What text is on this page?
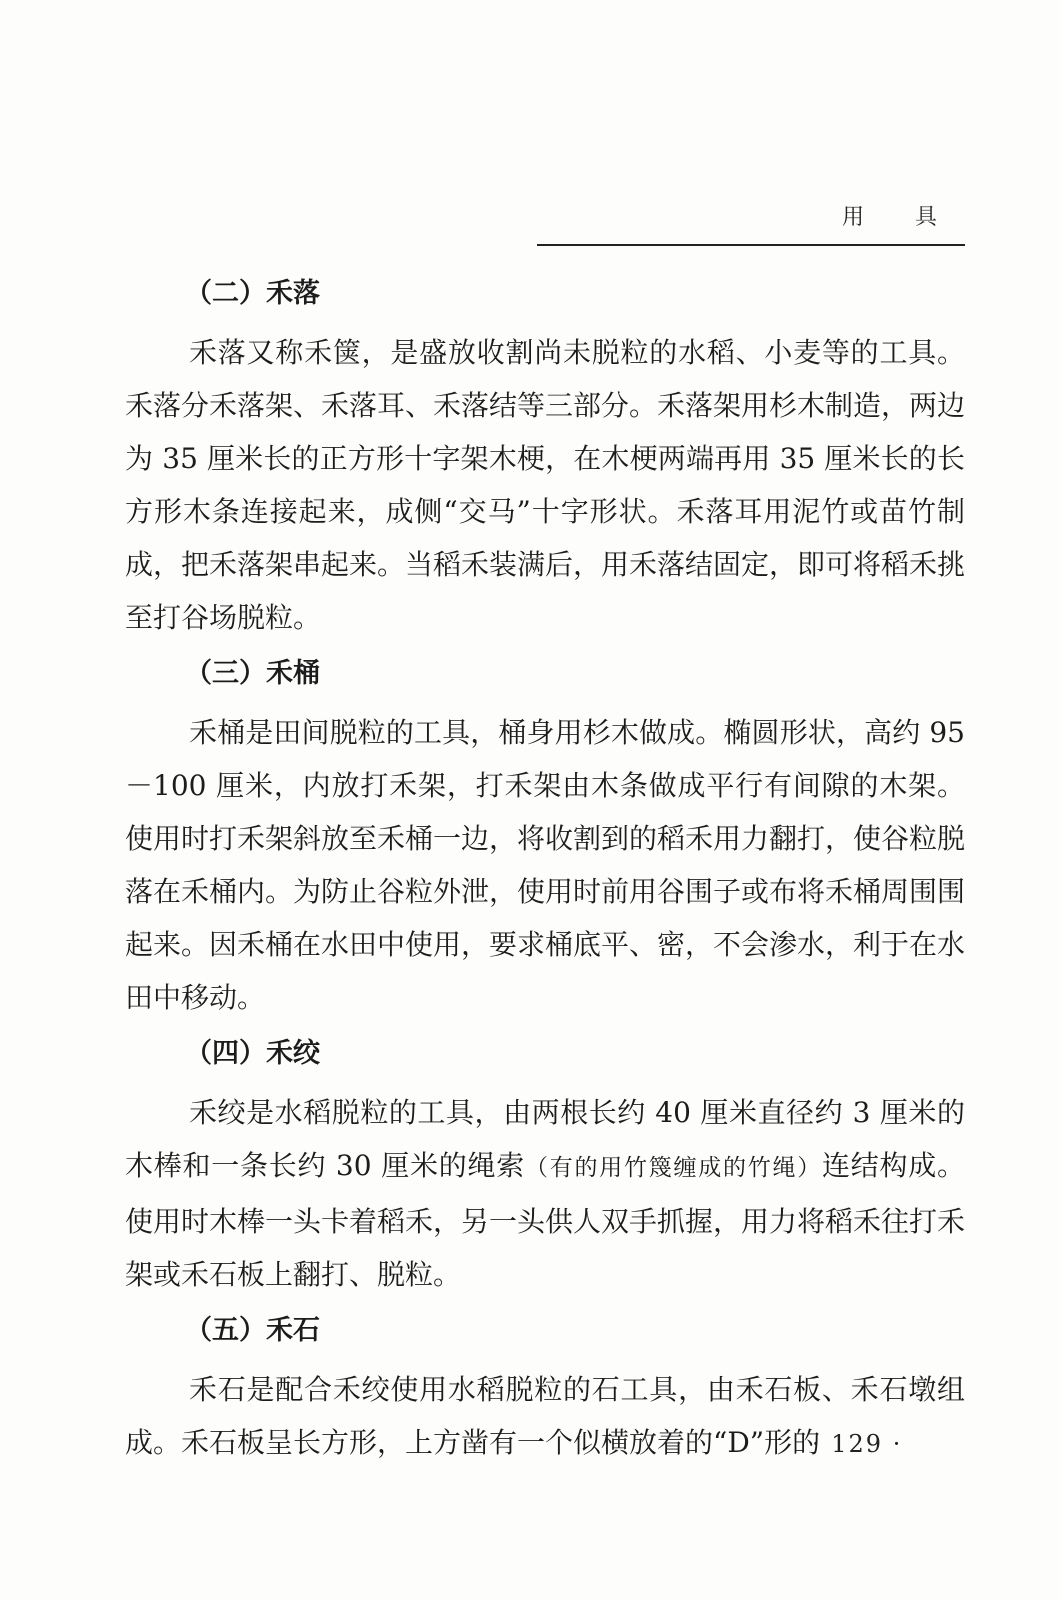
用 具
（二）禾落

禾落又称禾箧，是盛放收割尚未脱粒的水稻、小麦等的工具。禾落分禾落架、禾落耳、禾落结等三部分。禾落架用杉木制造，两边为 35 厘米长的正方形十字架木梗，在木梗两端再用 35 厘米长的长方形木条连接起来，成侧“交马”十字形状。禾落耳用泥竹或苗竹制成，把禾落架串起来。当稻禾装满后，用禾落结固定，即可将稻禾挑至打谷场脱粒。

（三）禾桶

禾桶是田间脱粒的工具，桶身用杉木做成。椭圆形状，高约 95－100 厘米，内放打禾架，打禾架由木条做成平行有间隙的木架。使用时打禾架斜放至禾桶一边，将收割到的稻禾用力翻打，使谷粒脱落在禾桶内。为防止谷粒外泄，使用时前用谷围子或布将禾桶周围围起来。因禾桶在水田中使用，要求桶底平、密，不会渗水，利于在水田中移动。

（四）禾绞

禾绞是水稻脱粒的工具，由两根长约 40 厘米直径约 3 厘米的木棒和一条长约 30 厘米的绳索（有的用竹篾缠成的竹绳）连结构成。使用时木棒一头卡着稻禾，另一头供人双手抓握，用力将稻禾往打禾架或禾石板上翻打、脱粒。

（五）禾石

禾石是配合禾绞使用水稻脱粒的石工具，由禾石板、禾石墩组成。禾石板呈长方形，上方凿有一个似横放着的“D”形的

· 129 ·
